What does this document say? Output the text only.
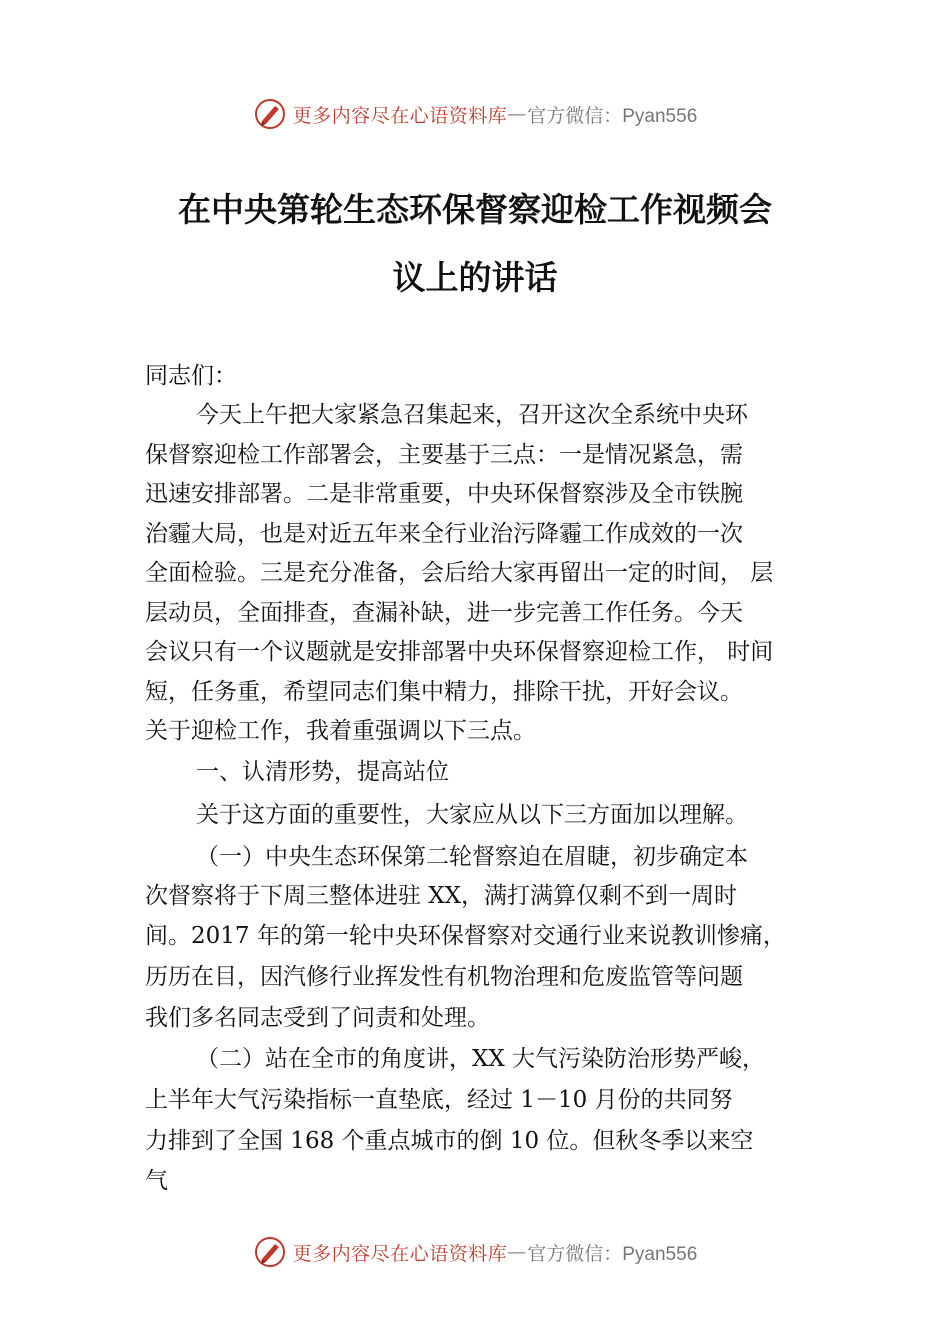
更多内容尽在心语资料库 — 官方微信：Pyan556
在中央第轮生态环保督察迎检工作视频会
议上的讲话
同志们：
今天上午把大家紧急召集起来，召开这次全系统中央环
保督察迎检工作部署会，主要基于三点：一是情况紧急，需
迅速安排部署。二是非常重要，中央环保督察涉及全市铁腕
治霾大局，也是对近五年来全行业治污降霾工作成效的一次
全面检验。三是充分准备，会后给大家再留出一定的时间， 层
层动员，全面排查，查漏补缺，进一步完善工作任务。今天
会议只有一个议题就是安排部署中央环保督察迎检工作， 时间
短，任务重，希望同志们集中精力，排除干扰，开好会议。
关于迎检工作，我着重强调以下三点。
一、认清形势，提高站位
关于这方面的重要性，大家应从以下三方面加以理解。
（一）中央生态环保第二轮督察迫在眉睫，初步确定本
次督察将于下周三整体进驻 XX，满打满算仅剩不到一周时
间。2017 年的第一轮中央环保督察对交通行业来说教训惨痛，
历历在目，因汽修行业挥发性有机物治理和危废监管等问题
我们多名同志受到了问责和处理。
（二）站在全市的角度讲，XX 大气污染防治形势严峻，
上半年大气污染指标一直垫底，经过 1－10 月份的共同努
力排到了全国 168 个重点城市的倒 10 位。但秋冬季以来空
气
更多内容尽在心语资料库 — 官方微信：Pyan556
